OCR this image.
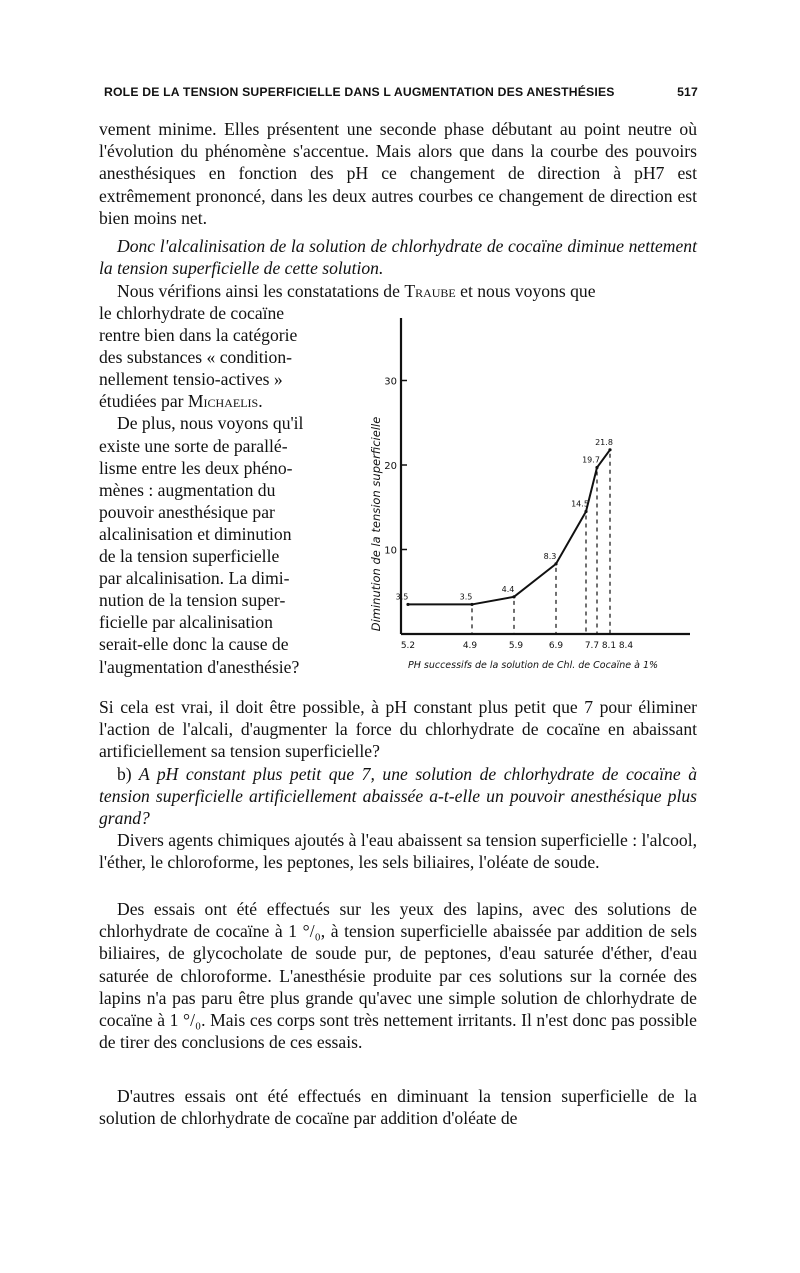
ROLE DE LA TENSION SUPERFICIELLE DANS L AUGMENTATION DES ANESTHÉSIES	517

vement minime. Elles présentent une seconde phase débutant au point neutre où l'évolution du phénomène s'accentue. Mais alors que dans la courbe des pouvoirs anesthésiques en fonction des pH ce changement de direction à pH7 est extrêmement prononcé, dans les deux autres courbes ce changement de direction est bien moins net.

Donc l'alcalinisation de la solution de chlorhydrate de cocaïne diminue nettement la tension superficielle de cette solution.

Nous vérifions ainsi les constatations de Traube et nous voyons que

le chlorhydrate de cocaïne
rentre bien dans la catégorie
des substances « condition-
nellement tensio-actives »
étudiées par Michaelis.
De plus, nous voyons qu'il
existe une sorte de parallé-
lisme entre les deux phéno-
mènes : augmentation du
pouvoir anesthésique par
alcalinisation et diminution
de la tension superficielle
par alcalinisation. La dimi-
nution de la tension super-
ficielle par alcalinisation
serait-elle donc la cause de
l'augmentation d'anesthésie?
Diminution de la tension superficielle
PH successifs de la solution de Chl. de Cocaïne à 1%
10
20
30
5.2	4.9	5.9	6.9 7.7 8.1 8.4
3.5	3.5
4.4
8.3
14.5
19.7
21.8

Si cela est vrai, il doit être possible, à pH constant plus petit que 7 pour éliminer l'action de l'alcali, d'augmenter la force du chlorhydrate de cocaïne en abaissant artificiellement sa tension superficielle?

b) A pH constant plus petit que 7, une solution de chlorhydrate de cocaïne à tension superficielle artificiellement abaissée a-t-elle un pouvoir anesthésique plus grand?

Divers agents chimiques ajoutés à l'eau abaissent sa tension superficielle : l'alcool, l'éther, le chloroforme, les peptones, les sels biliaires, l'oléate de soude.

Des essais ont été effectués sur les yeux des lapins, avec des solutions de chlorhydrate de cocaïne à 1 °/₀, à tension superficielle abaissée par addition de sels biliaires, de glycocholate de soude pur, de peptones, d'eau saturée d'éther, d'eau saturée de chloroforme. L'anesthésie produite par ces solutions sur la cornée des lapins n'a pas paru être plus grande qu'avec une simple solution de chlorhydrate de cocaïne à 1 °/₀. Mais ces corps sont très nettement irritants. Il n'est donc pas possible de tirer des conclusions de ces essais.

D'autres essais ont été effectués en diminuant la tension superficielle de la solution de chlorhydrate de cocaïne par addition d'oléate de
